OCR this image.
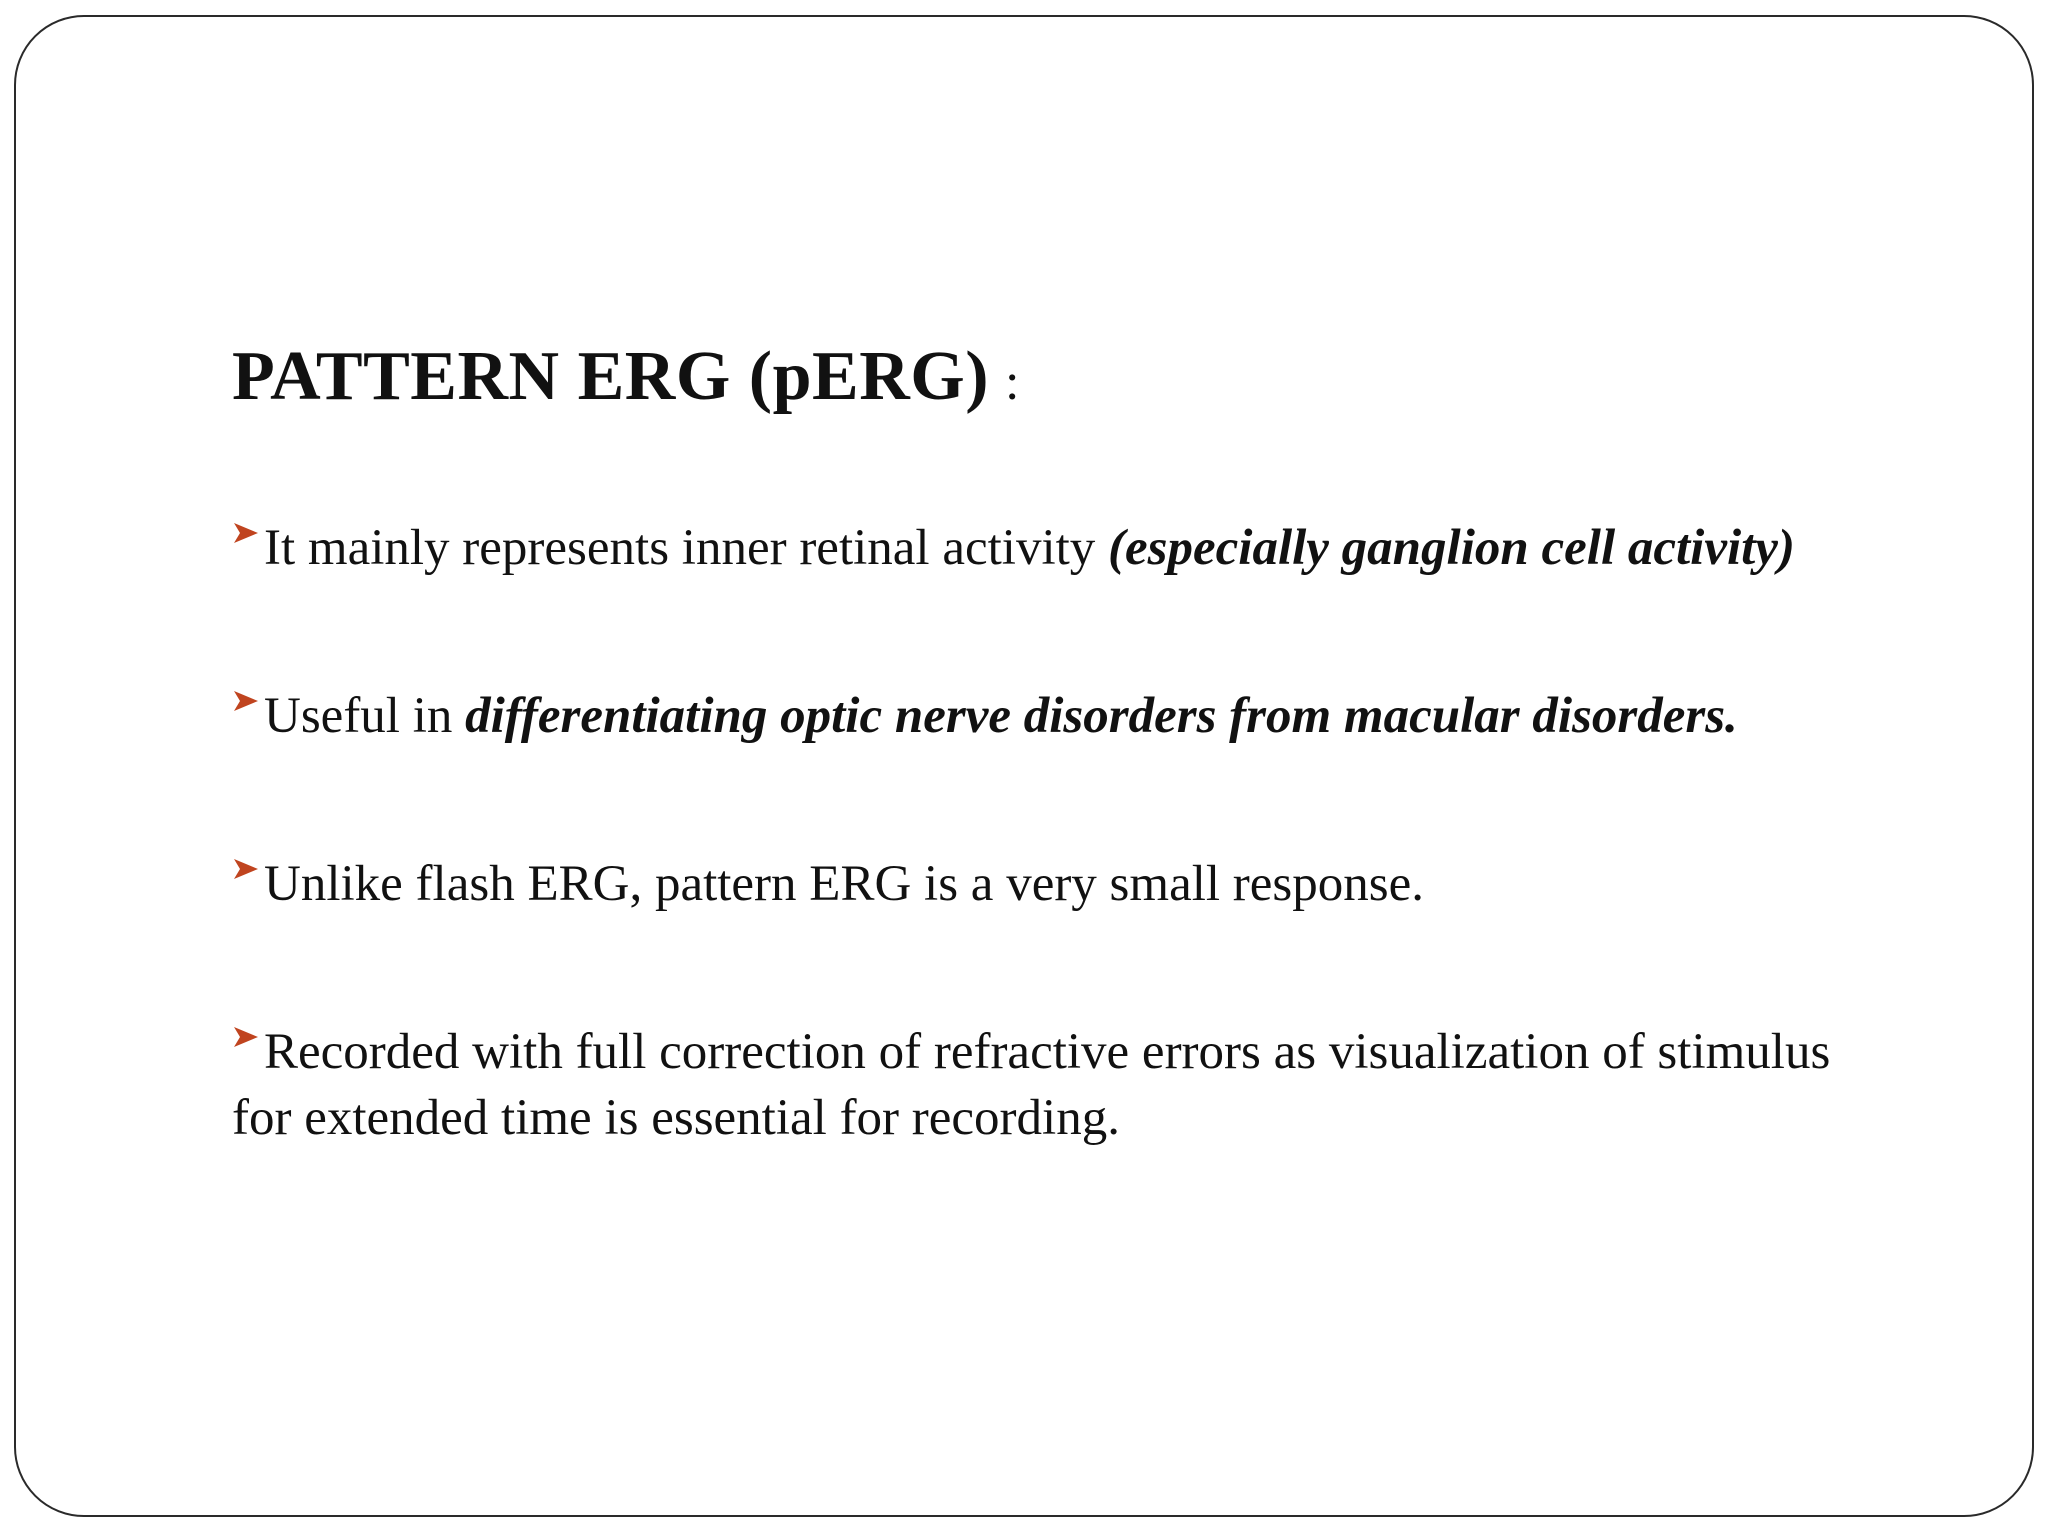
PATTERN ERG (pERG) :

It mainly represents inner retinal activity (especially ganglion cell activity)

Useful in differentiating optic nerve disorders from macular disorders.

Unlike flash ERG, pattern ERG is a very small response.

Recorded with full correction of refractive errors as visualization of stimulus for extended time is essential for recording.
